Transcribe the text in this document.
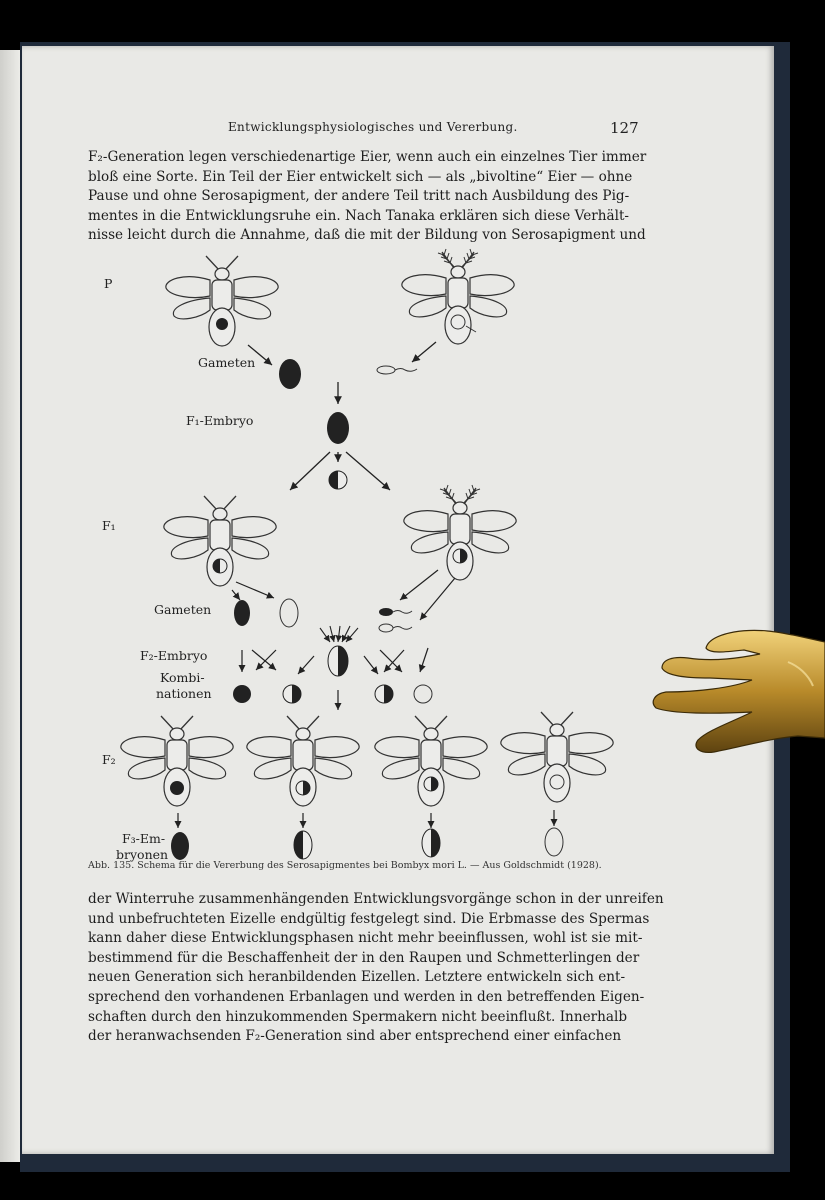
Entwicklungsphysiologisches und Vererbung.	127
F₂-Generation legen verschiedenartige Eier, wenn auch ein einzelnes Tier immer
bloß eine Sorte. Ein Teil der Eier entwickelt sich — als „bivoltine“ Eier — ohne
Pause und ohne Serosapigment, der andere Teil tritt nach Ausbildung des Pig-
mentes in die Entwicklungsruhe ein. Nach Tanaka erklären sich diese Verhält-
nisse leicht durch die Annahme, daß die mit der Bildung von Serosapigment und
P
Gameten
F₁-Embryo
F₁
Gameten
F₂-Embryo
Kombi-
nationen
F₂
F₃-Em-
bryonen
Abb. 135. Schema für die Vererbung des Serosapigmentes bei Bombyx mori L. — Aus Goldschmidt (1928).
der Winterruhe zusammenhängenden Entwicklungsvorgänge schon in der unreifen
und unbefruchteten Eizelle endgültig festgelegt sind. Die Erbmasse des Spermas
kann daher diese Entwicklungsphasen nicht mehr beeinflussen, wohl ist sie mit-
bestimmend für die Beschaffenheit der in den Raupen und Schmetterlingen der
neuen Generation sich heranbildenden Eizellen. Letztere entwickeln sich ent-
sprechend den vorhandenen Erbanlagen und werden in den betreffenden Eigen-
schaften durch den hinzukommenden Spermakern nicht beeinflußt. Innerhalb
der heranwachsenden F₂-Generation sind aber entsprechend einer einfachen
